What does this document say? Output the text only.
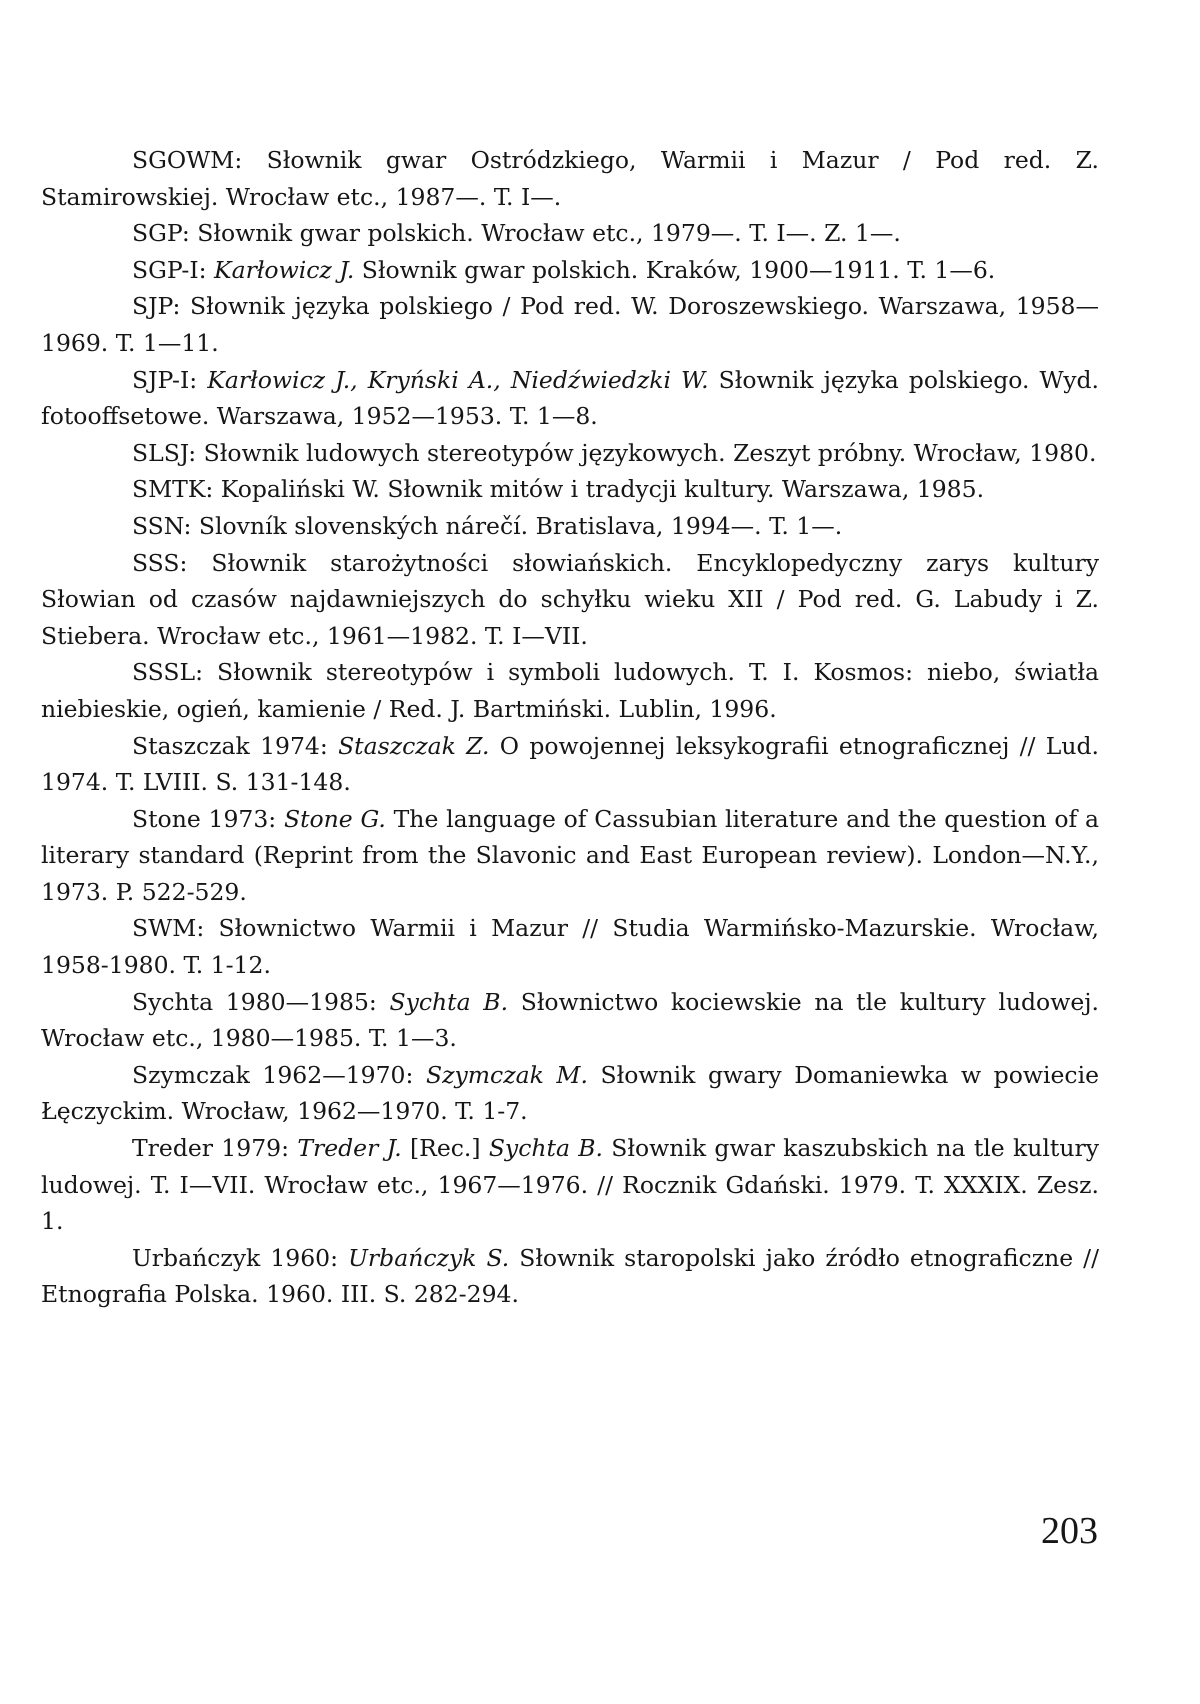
SGOWM: Słownik gwar Ostródzkiego, Warmii i Mazur / Pod red. Z. Stamirowskiej. Wrocław etc., 1987—. T. I—.

SGP: Słownik gwar polskich. Wrocław etc., 1979—. T. I—. Z. 1—.

SGP-I: Karłowicz J. Słownik gwar polskich. Kraków, 1900—1911. T. 1—6.

SJP: Słownik języka polskiego / Pod red. W. Doroszewskiego. Warszawa, 1958—1969. T. 1—11.

SJP-I: Karłowicz J., Kryński A., Niedźwiedzki W. Słownik języka polskiego. Wyd. fotooffsetowe. Warszawa, 1952—1953. T. 1—8.

SLSJ: Słownik ludowych stereotypów językowych. Zeszyt próbny. Wrocław, 1980.

SMTK: Kopaliński W. Słownik mitów i tradycji kultury. Warszawa, 1985.

SSN: Slovník slovenských nárečí. Bratislava, 1994—. T. 1—.

SSS: Słownik starożytności słowiańskich. Encyklopedyczny zarys kultury Słowian od czasów najdawniejszych do schyłku wieku XII / Pod red. G. Labudy i Z. Stiebera. Wrocław etc., 1961—1982. T. I—VII.

SSSL: Słownik stereotypów i symboli ludowych. T. I. Kosmos: niebo, światła niebieskie, ogień, kamienie / Red. J. Bartmiński. Lublin, 1996.

Staszczak 1974: Staszczak Z. O powojennej leksykografii etnograficznej // Lud. 1974. T. LVIII. S. 131-148.

Stone 1973: Stone G. The language of Cassubian literature and the question of a literary standard (Reprint from the Slavonic and East European review). London—N.Y., 1973. P. 522-529.

SWM: Słownictwo Warmii i Mazur // Studia Warmińsko-Mazurskie. Wrocław, 1958-1980. T. 1-12.

Sychta 1980—1985: Sychta B. Słownictwo kociewskie na tle kultury ludowej. Wrocław etc., 1980—1985. T. 1—3.

Szymczak 1962—1970: Szymczak M. Słownik gwary Domaniewka w powiecie Łęczyckim. Wrocław, 1962—1970. T. 1-7.

Treder 1979: Treder J. [Rec.] Sychta B. Słownik gwar kaszubskich na tle kultury ludowej. T. I—VII. Wrocław etc., 1967—1976. // Rocznik Gdański. 1979. T. XXXIX. Zesz. 1.

Urbańczyk 1960: Urbańczyk S. Słownik staropolski jako źródło etnograficzne // Etnografia Polska. 1960. III. S. 282-294.

203
